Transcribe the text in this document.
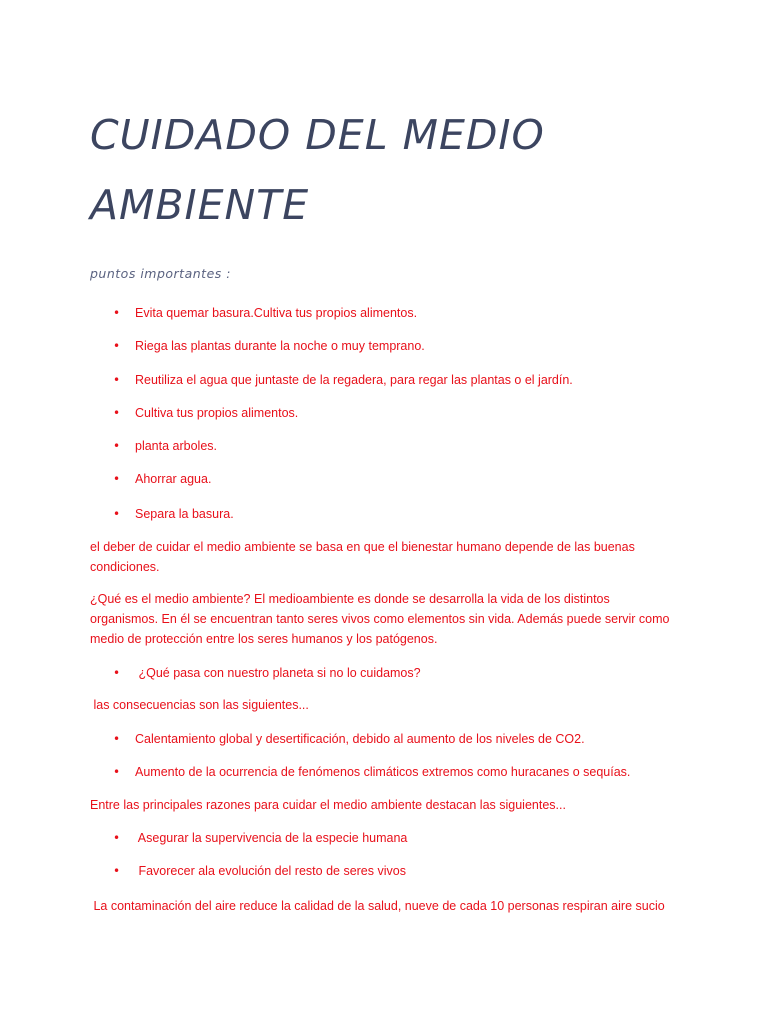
CUIDADO DEL MEDIO
AMBIENTE

puntos importantes :

•	Evita quemar basura.Cultiva tus propios alimentos.
•	Riega las plantas durante la noche o muy temprano.
•	Reutiliza el agua que juntaste de la regadera, para regar las plantas o el jardín.
•	Cultiva tus propios alimentos.
•	planta arboles.
•	Ahorrar agua.
•	Separa la basura.

el deber de cuidar el medio ambiente se basa en que el bienestar humano depende de las buenas condiciones.

¿Qué es el medio ambiente? El medioambiente es donde se desarrolla la vida de los distintos

organismos. En él se encuentran tanto seres vivos como elementos sin vida. Además puede servir como

medio de protección entre los seres humanos y los patógenos.

•	¿Qué pasa con nuestro planeta si no lo cuidamos?

las consecuencias son las siguientes...

•	Calentamiento global y desertificación, debido al aumento de los niveles de CO2.
•	Aumento de la ocurrencia de fenómenos climáticos extremos como huracanes o sequías.

Entre las principales razones para cuidar el medio ambiente destacan las siguientes...

•	Asegurar la supervivencia de la especie humana
•	Favorecer ala evolución del resto de seres vivos

La contaminación del aire reduce la calidad de la salud, nueve de cada 10 personas respiran aire sucio
